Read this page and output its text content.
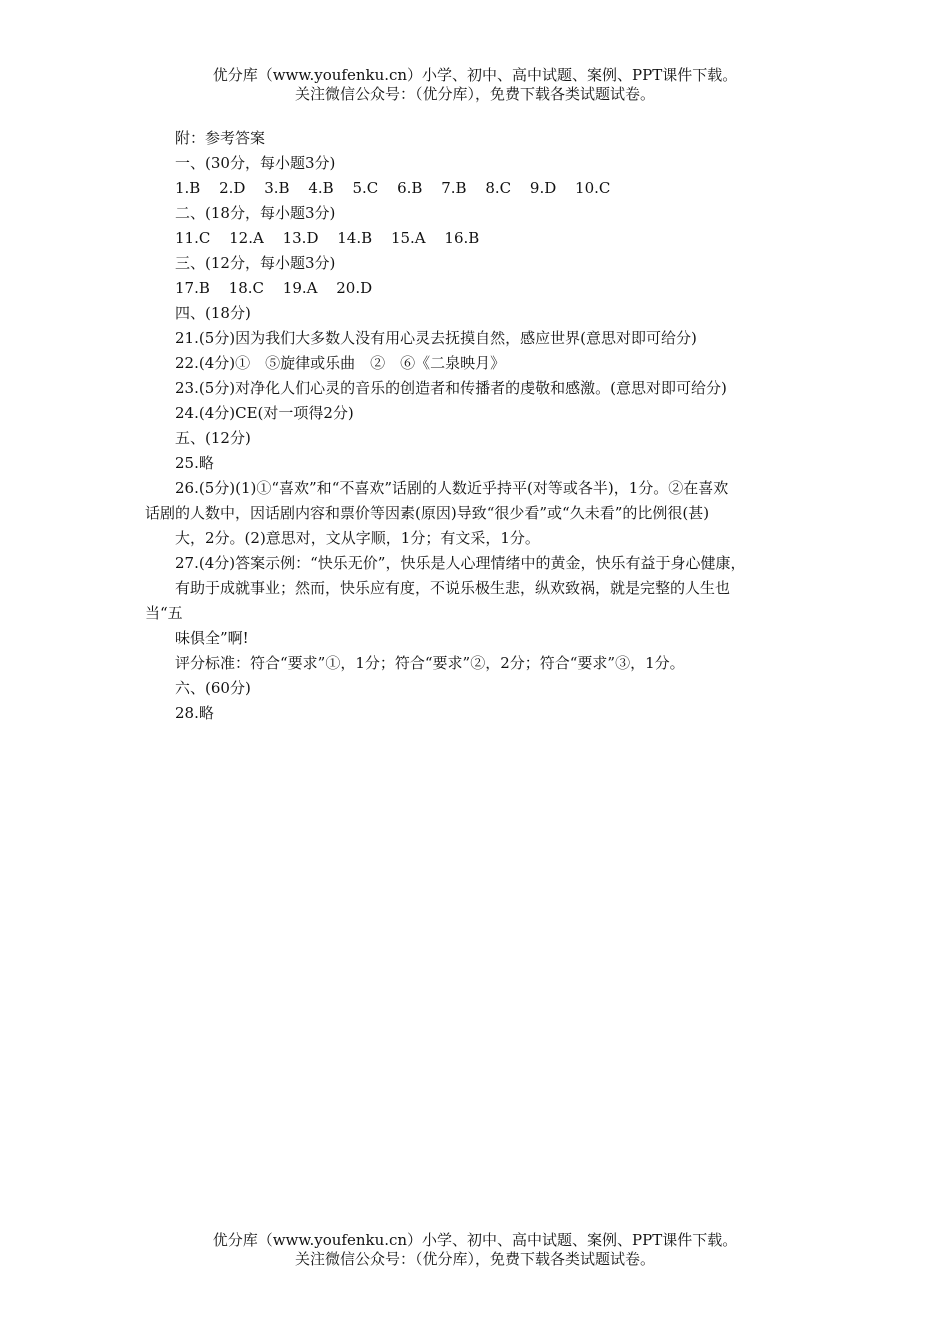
优分库（www.youfenku.cn）小学、初中、高中试题、案例、PPT课件下载。
关注微信公众号：（优分库），免费下载各类试题试卷。
附：参考答案
一、(30分，每小题3分)
1.B 2.D 3.B 4.B 5.C 6.B 7.B 8.C 9.D 10.C
二、(18分，每小题3分)
11.C 12.A 13.D 14.B 15.A 16.B
三、(12分，每小题3分)
17.B 18.C 19.A 20.D
四、(18分)
21.(5分)因为我们大多数人没有用心灵去抚摸自然，感应世界(意思对即可给分)
22.(4分)①　⑤旋律或乐曲　②　⑥《二泉映月》
23.(5分)对净化人们心灵的音乐的创造者和传播者的虔敬和感激。(意思对即可给分)
24.(4分)CE(对一项得2分)
五、(12分)
25.略
26.(5分)(1)①“喜欢”和“不喜欢”话剧的人数近乎持平(对等或各半)，1分。②在喜欢
话剧的人数中，因话剧内容和票价等因素(原因)导致“很少看”或“久未看”的比例很(甚)
大，2分。(2)意思对，文从字顺，1分；有文采，1分。
27.(4分)答案示例：“快乐无价”，快乐是人心理情绪中的黄金，快乐有益于身心健康，
有助于成就事业；然而，快乐应有度，不说乐极生悲，纵欢致祸，就是完整的人生也
当“五
味俱全”啊!
评分标准：符合“要求”①，1分；符合“要求”②，2分；符合“要求”③，1分。
六、(60分)
28.略
优分库（www.youfenku.cn）小学、初中、高中试题、案例、PPT课件下载。
关注微信公众号：（优分库），免费下载各类试题试卷。
